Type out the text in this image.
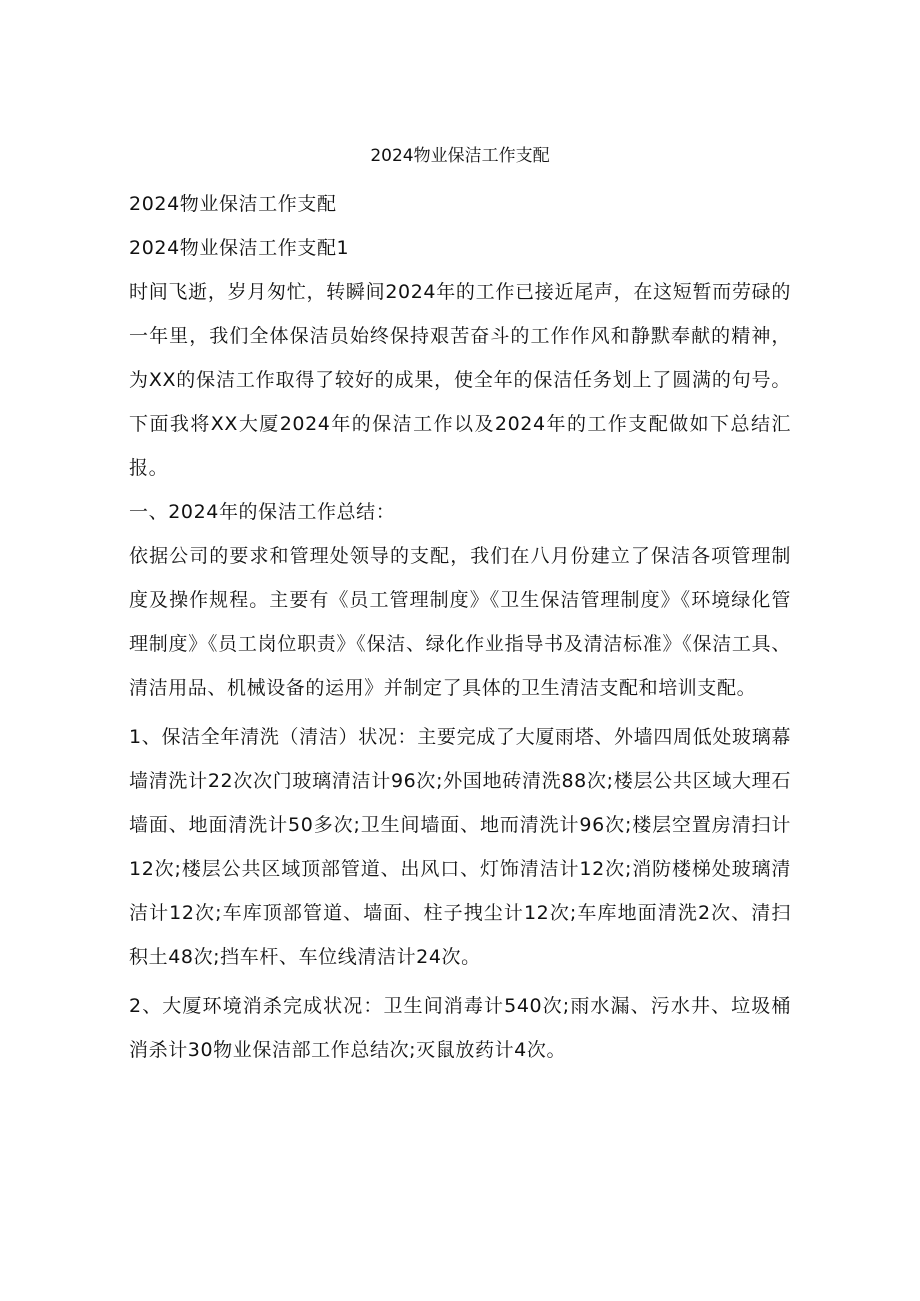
2024物业保洁工作支配

2024物业保洁工作支配

2024物业保洁工作支配1

时间飞逝，岁月匆忙，转瞬间2024年的工作已接近尾声，在这短暂而劳碌的一年里，我们全体保洁员始终保持艰苦奋斗的工作作风和静默奉献的精神，为XX的保洁工作取得了较好的成果，使全年的保洁任务划上了圆满的句号。下面我将XX大厦2024年的保洁工作以及2024年的工作支配做如下总结汇报。

一、2024年的保洁工作总结：

依据公司的要求和管理处领导的支配，我们在八月份建立了保洁各项管理制度及操作规程。主要有《员工管理制度》《卫生保洁管理制度》《环境绿化管理制度》《员工岗位职责》《保洁、绿化作业指导书及清洁标准》《保洁工具、清洁用品、机械设备的运用》并制定了具体的卫生清洁支配和培训支配。

1、保洁全年清洗（清洁）状况：主要完成了大厦雨塔、外墙四周低处玻璃幕墙清洗计22次次门玻璃清洁计96次;外国地砖清洗88次;楼层公共区域大理石墙面、地面清洗计50多次;卫生间墙面、地而清洗计96次;楼层空置房清扫计12次;楼层公共区域顶部管道、出风口、灯饰清洁计12次;消防楼梯处玻璃清洁计12次;车库顶部管道、墙面、柱子拽尘计12次;车库地面清洗2次、清扫积土48次;挡车杆、车位线清洁计24次。

2、大厦环境消杀完成状况：卫生间消毒计540次;雨水漏、污水井、垃圾桶消杀计30物业保洁部工作总结次;灭鼠放药计4次。
